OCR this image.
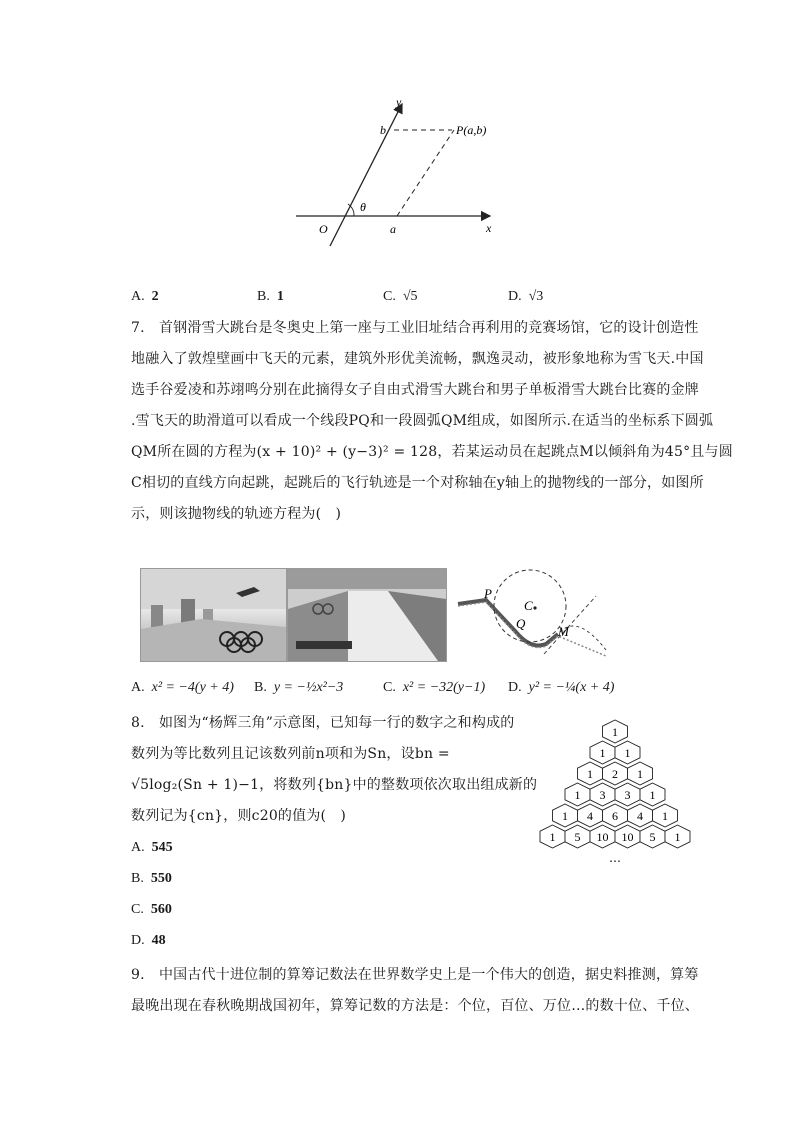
y
x
b	P(a,b)
θ
O	a
A. 2	B. 1	C. √5	D. √3
7.　首钢滑雪大跳台是冬奥史上第一座与工业旧址结合再利用的竞赛场馆，它的设计创造性
地融入了敦煌壁画中飞天的元素，建筑外形优美流畅，飘逸灵动，被形象地称为雪飞天.中国
选手谷爱凌和苏翊鸣分别在此摘得女子自由式滑雪大跳台和男子单板滑雪大跳台比赛的金牌
.雪飞天的助滑道可以看成一个线段PQ和一段圆弧QM组成，如图所示.在适当的坐标系下圆弧
QM所在圆的方程为(x + 10)² + (y−3)² = 128，若某运动员在起跳点M以倾斜角为45°且与圆
C相切的直线方向起跳，起跳后的飞行轨迹是一个对称轴在y轴上的抛物线的一部分，如图所
示，则该抛物线的轨迹方程为(　)
P
C
Q
M
A. x² = −4(y + 4) B. y = −½x²−3	C. x² = −32(y−1) D. y² = −¼(x + 4)
8.　如图为“杨辉三角”示意图，已知每一行的数字之和构成的
数列为等比数列且记该数列前n项和为Sn，设bn =
√5log₂(Sn + 1)−1，将数列{bn}中的整数项依次取出组成新的
数列记为{cn}，则c20的值为(　)
A. 545
B. 550
C. 560
D. 48
1
1 1
1 2 1
1 3 3 1
1 4 6 4 1
1 5 10 10 5 1
…
9.　中国古代十进位制的算筹记数法在世界数学史上是一个伟大的创造，据史料推测，算筹
最晚出现在春秋晚期战国初年，算筹记数的方法是：个位，百位、万位…的数十位、千位、
